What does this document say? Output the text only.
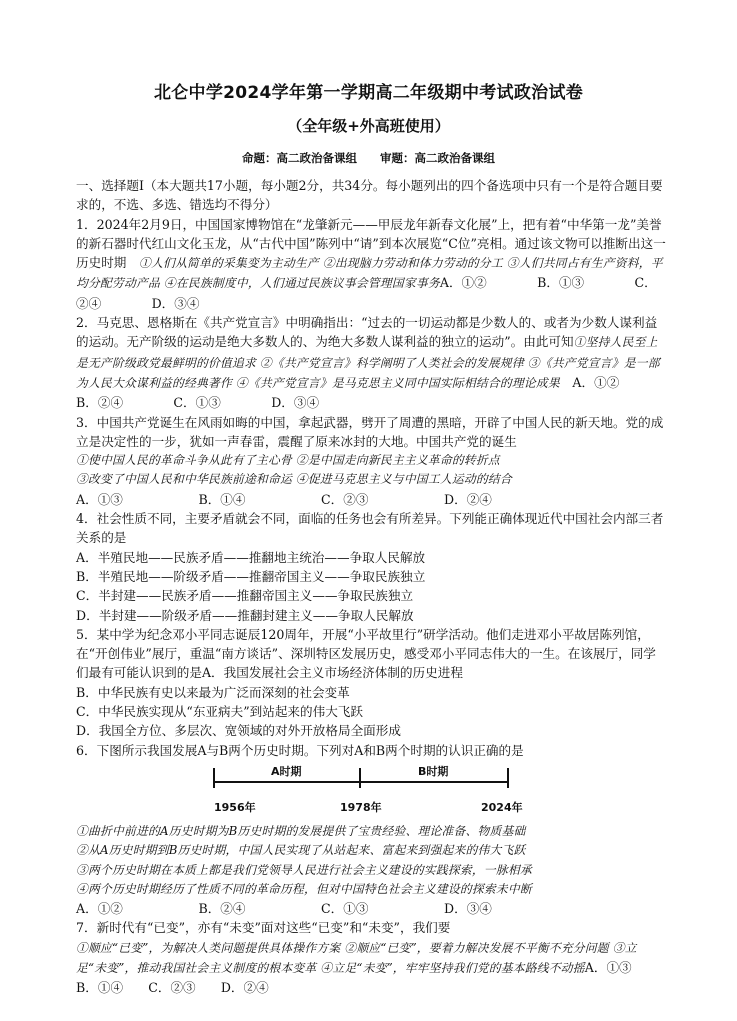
北仑中学2024学年第一学期高二年级期中考试政治试卷
（全年级+外高班使用）
命题：高二政治备课组　　审题：高二政治备课组

一、选择题Ⅰ（本大题共17小题，每小题2分，共34分。每小题列出的四个备选项中只有一个是符合题目要求的，不选、多选、错选均不得分）

1．2024年2月9日，中国国家博物馆在“龙肇新元——甲辰龙年新春文化展”上，把有着“中华第一龙”美誉的新石器时代红山文化玉龙，从“古代中国”陈列中“请”到本次展览“C位”亮相。通过该文物可以推断出这一历史时期　 ①人们从简单的采集变为主动生产 ②出现脑力劳动和体力劳动的分工 ③人们共同占有生产资料，平均分配劳动产品 ④在民族制度中，人们通过民族议事会管理国家事务A．①②　　　　B．①③　　　　C．②④　　　　D．③④

2．马克思、恩格斯在《共产党宣言》中明确指出：“过去的一切运动都是少数人的、或者为少数人谋利益的运动。无产阶级的运动是绝大多数人的、为绝大多数人谋利益的独立的运动”。由此可知①坚持人民至上是无产阶级政党最鲜明的价值追求 ②《共产党宣言》科学阐明了人类社会的发展规律 ③《共产党宣言》是一部为人民大众谋利益的经典著作 ④《共产党宣言》是马克思主义同中国实际相结合的理论成果　 A．①②　　　　B．②④　　　　C．①③　　　　D．③④

3．中国共产党诞生在风雨如晦的中国，拿起武器，劈开了周遭的黑暗，开辟了中国人民的新天地。党的成立是决定性的一步，犹如一声春雷，震醒了原来冰封的大地。中国共产党的诞生

①使中国人民的革命斗争从此有了主心骨 ②是中国走向新民主主义革命的转折点

③改变了中国人民和中华民族前途和命运 ④促进马克思主义与中国工人运动的结合

A．①③　　　　　　B．①④　　　　　　C．②③　　　　　　D．②④

4．社会性质不同，主要矛盾就会不同，面临的任务也会有所差异。下列能正确体现近代中国社会内部三者关系的是

A．半殖民地——民族矛盾——推翻地主统治——争取人民解放

B．半殖民地——阶级矛盾——推翻帝国主义——争取民族独立

C．半封建——民族矛盾——推翻帝国主义——争取民族独立

D．半封建——阶级矛盾——推翻封建主义——争取人民解放

5．某中学为纪念邓小平同志诞辰120周年，开展“小平故里行”研学活动。他们走进邓小平故居陈列馆，在“开创伟业”展厅，重温“南方谈话”、深圳特区发展历史，感受邓小平同志伟大的一生。在该展厅，同学们最有可能认识到的是A．我国发展社会主义市场经济体制的历史进程

B．中华民族有史以来最为广泛而深刻的社会变革

C．中华民族实现从“东亚病夫”到站起来的伟大飞跃

D．我国全方位、多层次、宽领域的对外开放格局全面形成

6．下图所示我国发展A与B两个历史时期。下列对A和B两个时期的认识正确的是

A时期	B时期
1956年	1978年	2024年

①曲折中前进的A历史时期为B历史时期的发展提供了宝贵经验、理论准备、物质基础

②从A历史时期到B历史时期，中国人民实现了从站起来、富起来到强起来的伟大飞跃

③两个历史时期在本质上都是我们党领导人民进行社会主义建设的实践探索，一脉相承

④两个历史时期经历了性质不同的革命历程，但对中国特色社会主义建设的探索未中断

A．①②　　　　　　B．②④　　　　　　C．①③　　　　　　D．③④

7．新时代有“已变”，亦有“未变”面对这些“已变”和“未变”，我们要

①顺应“已变”，为解决人类问题提供具体操作方案 ②顺应“已变”，要着力解决发展不平衡不充分问题 ③立足“未变”，推动我国社会主义制度的根本变革 ④立足“未变”，牢牢坚持我们党的基本路线不动摇A．①③　　B．①④　　C．②③　　D．②④
